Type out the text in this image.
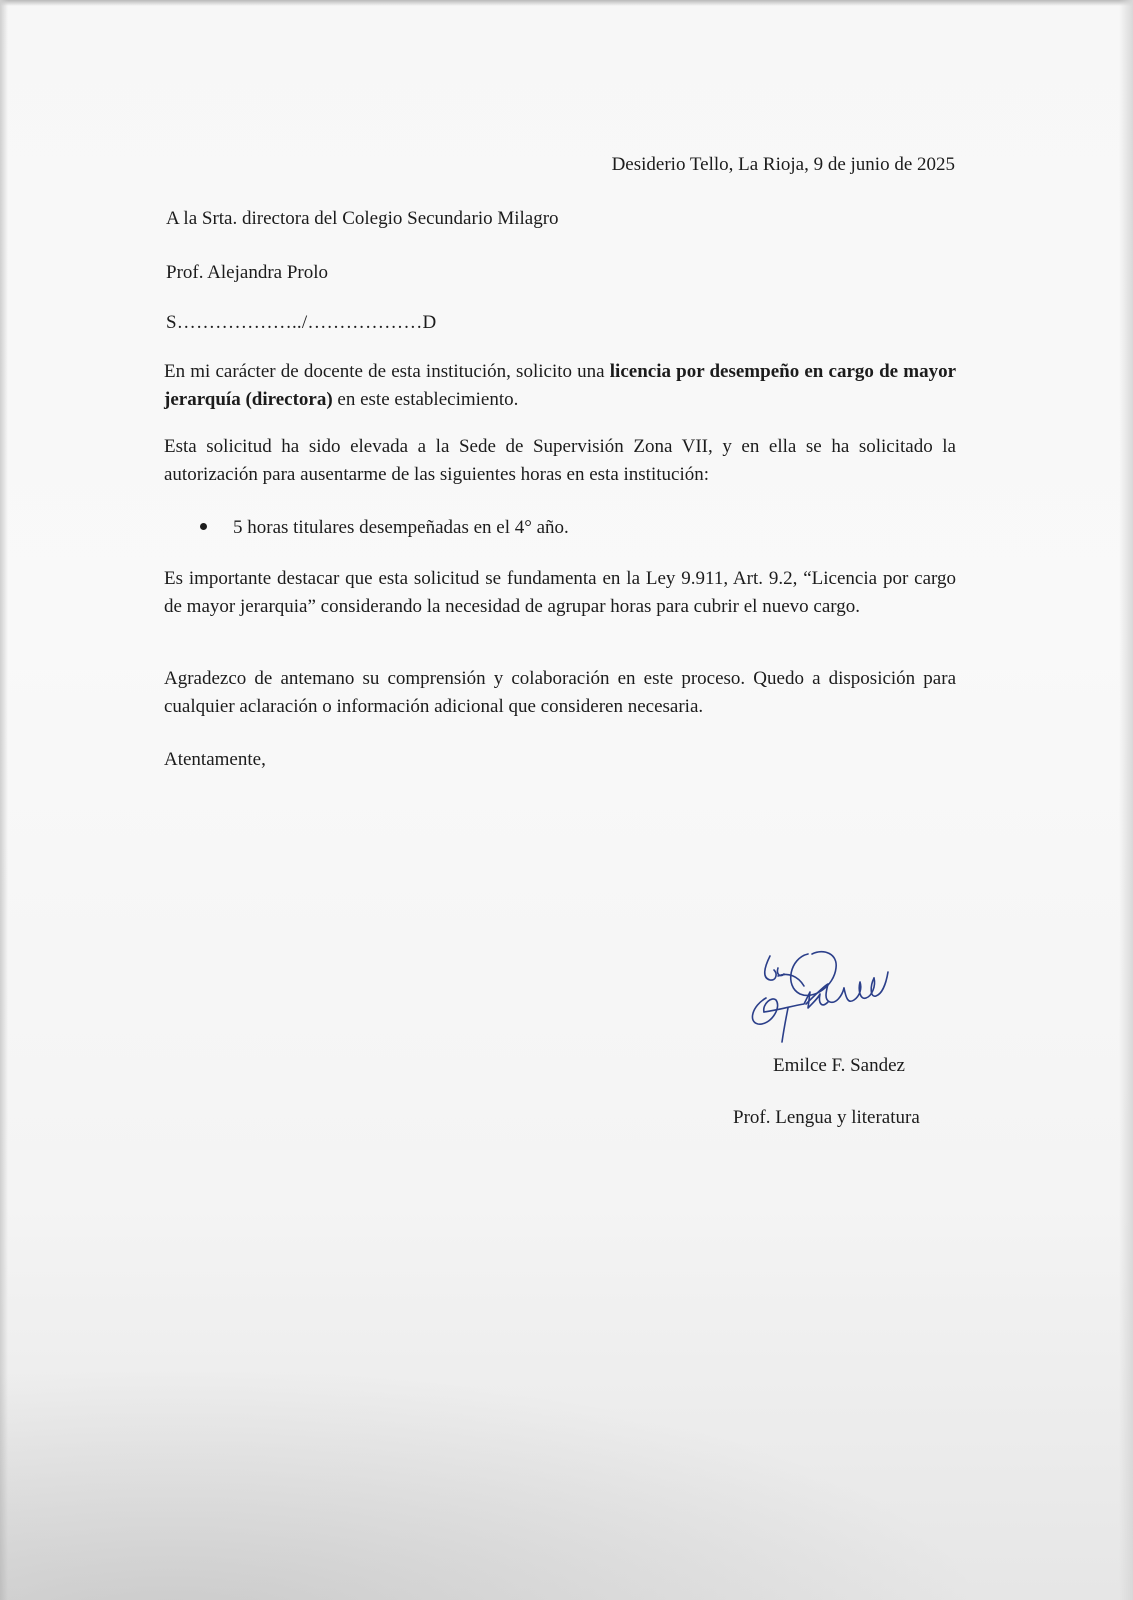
Desiderio Tello, La Rioja, 9 de junio de 2025
A la Srta. directora del Colegio Secundario Milagro
Prof. Alejandra Prolo
S………………../………………D
En mi carácter de docente de esta institución, solicito una licencia por desempeño en cargo de mayor jerarquía (directora) en este establecimiento.
Esta solicitud ha sido elevada a la Sede de Supervisión Zona VII, y en ella se ha solicitado la autorización para ausentarme de las siguientes horas en esta institución:
5 horas titulares desempeñadas en el 4° año.
Es importante destacar que esta solicitud se fundamenta en la Ley 9.911, Art. 9.2, “Licencia por cargo de mayor jerarquia” considerando la necesidad de agrupar horas para cubrir el nuevo cargo.
Agradezco de antemano su comprensión y colaboración en este proceso. Quedo a disposición para cualquier aclaración o información adicional que consideren necesaria.
Atentamente,
Emilce F. Sandez
Prof. Lengua y literatura
